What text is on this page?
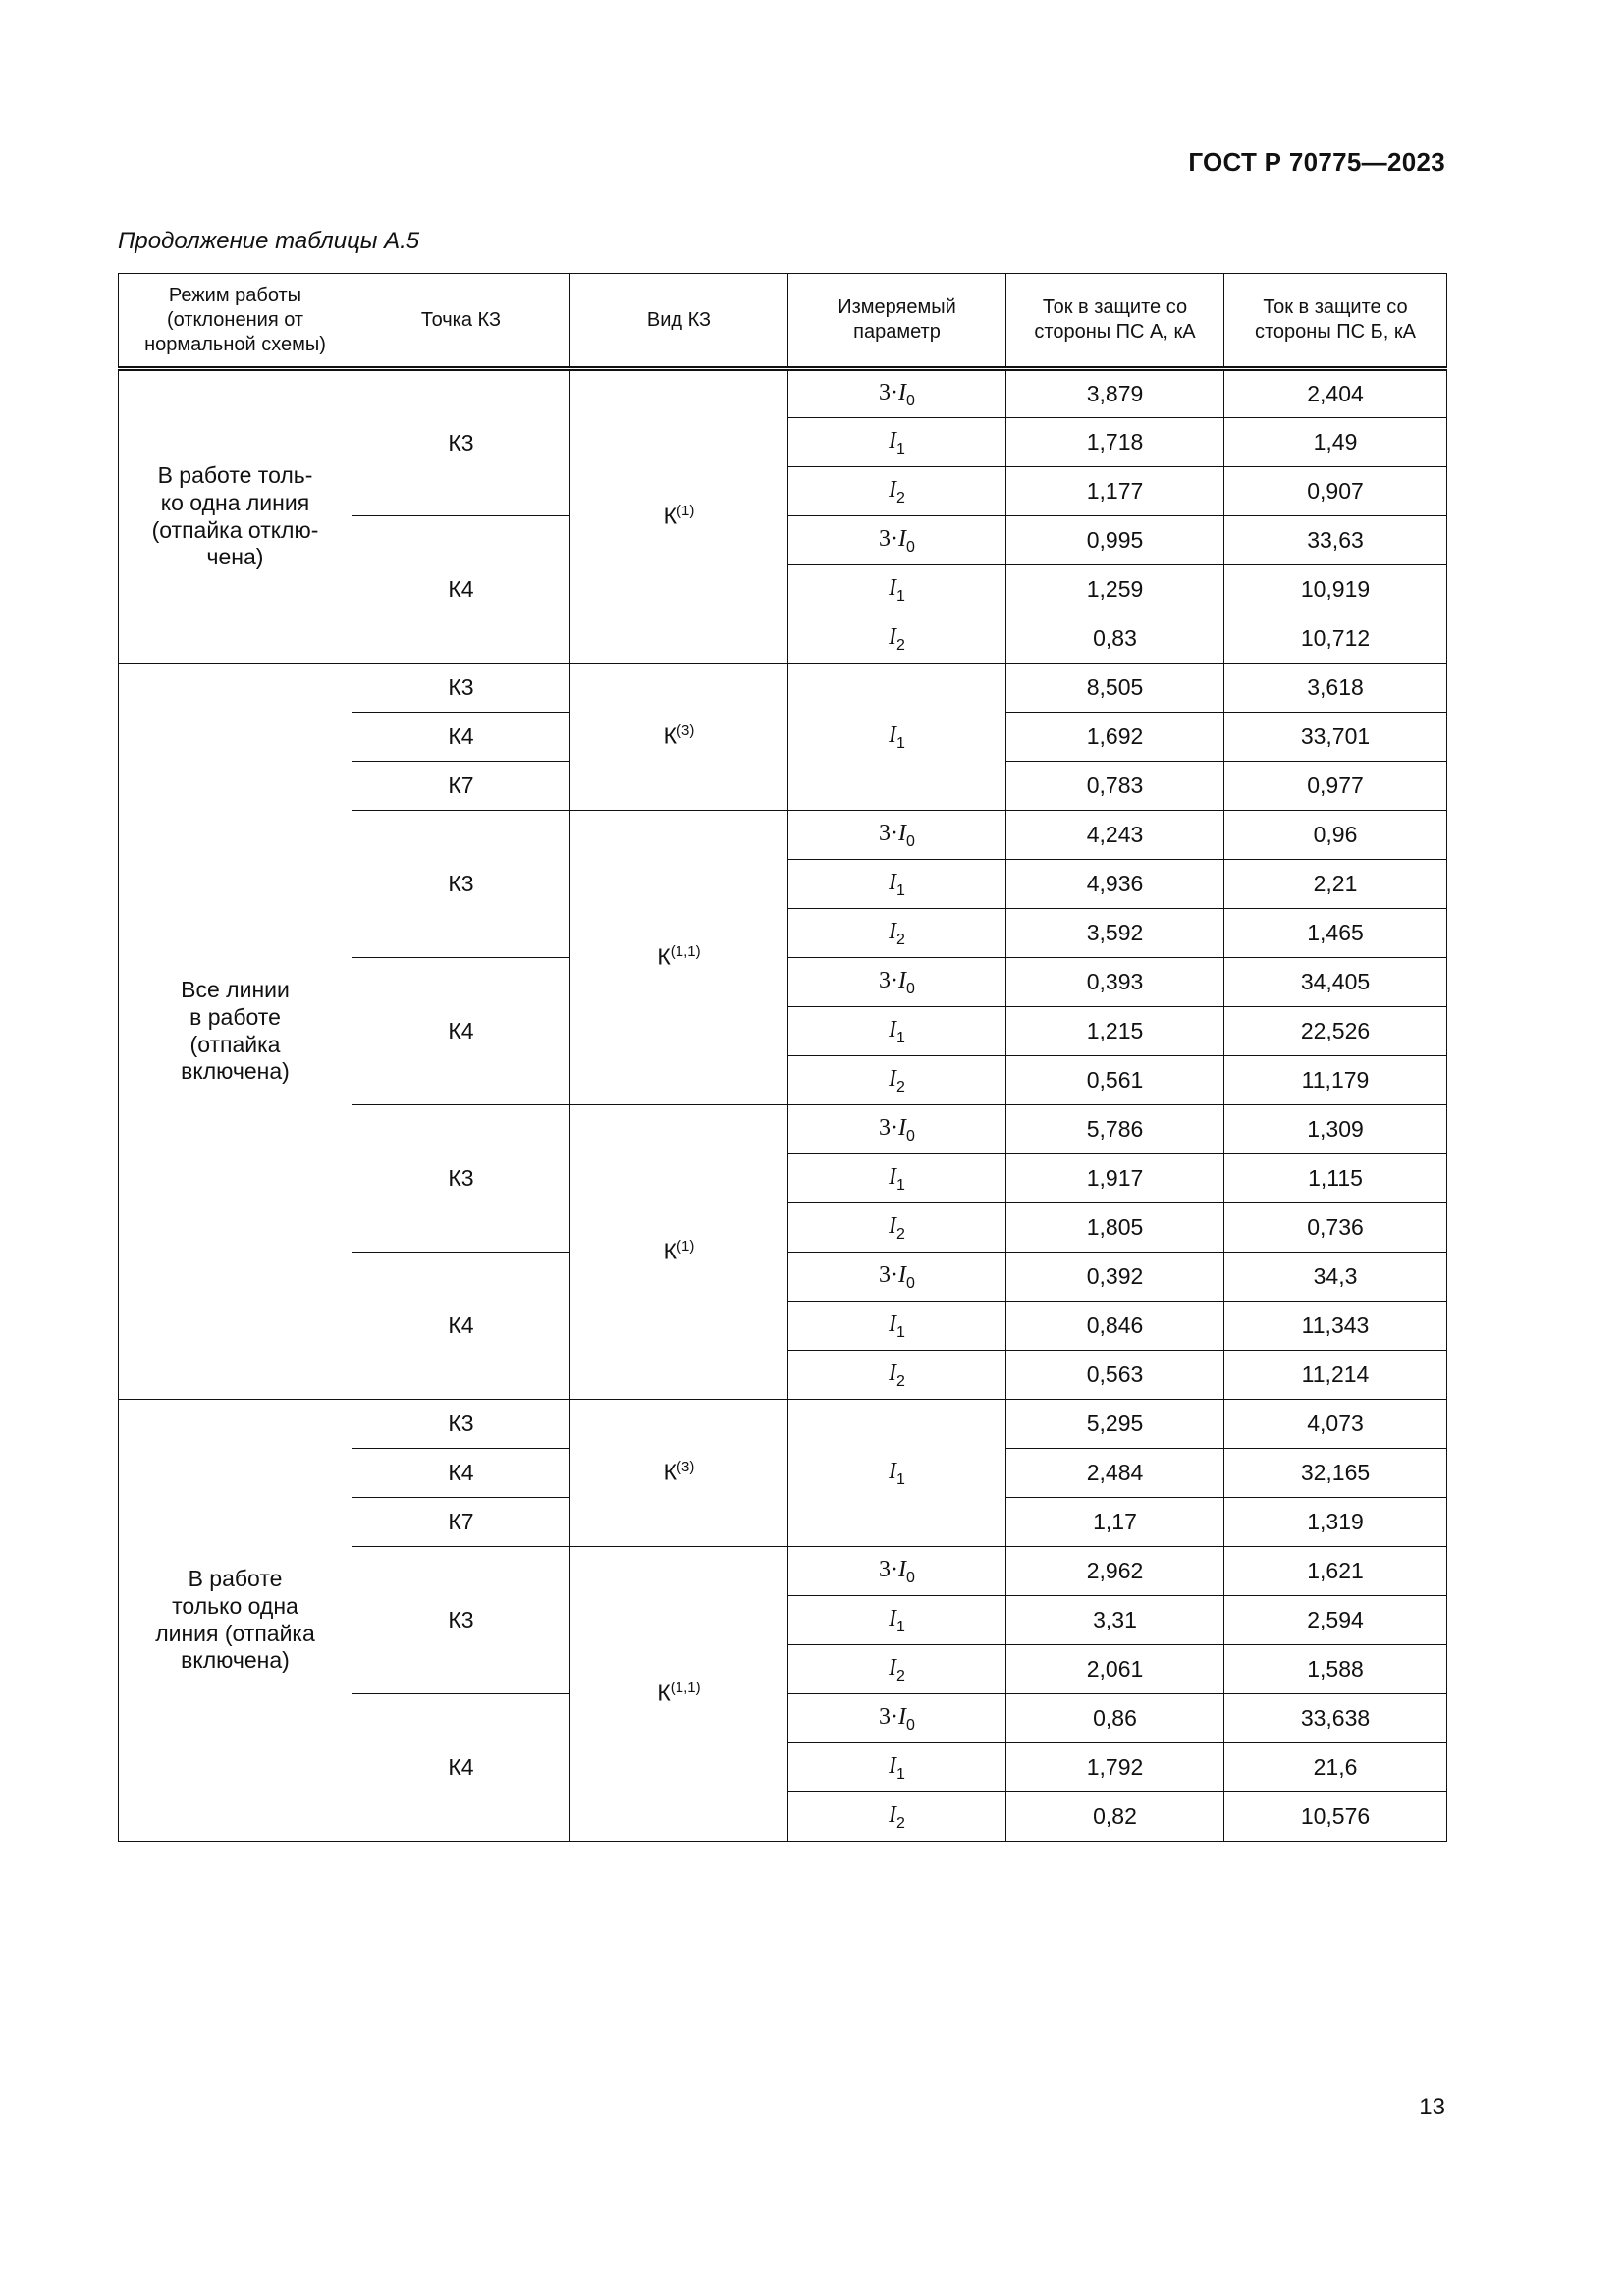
ГОСТ Р 70775—2023
Продолжение таблицы А.5
Режим работы (отклонения от нормальной схемы)	Точка КЗ	Вид КЗ	Измеряемый параметр	Ток в защите со стороны ПС А, кА	Ток в защите со стороны ПС Б, кА
В работе толь-
ко одна линия
(отпайка отклю-
чена)	К3	$К^{(1)}$	$3\cdot I_0$	3,879	2,404
			$I_1$	1,718	1,49
			$I_2$	1,177	0,907
	К4		$3\cdot I_0$	0,995	33,63
			$I_1$	1,259	10,919
			$I_2$	0,83	10,712
Все линии
в работе
(отпайка
включена)	К3	$К^{(3)}$	$I_1$	8,505	3,618
	К4			1,692	33,701
	К7			0,783	0,977
	К3	К$^{(1,1)}$	$3\cdot I_0$	4,243	0,96
			$I_1$	4,936	2,21
			$I_2$	3,592	1,465
	К4		$3\cdot I_0$	0,393	34,405
			$I_1$	1,215	22,526
			$I_2$	0,561	11,179
	К3	$К^{(1)}$	$3\cdot I_0$	5,786	1,309
			$I_1$	1,917	1,115
			$I_2$	1,805	0,736
	К4		$3\cdot I_0$	0,392	34,3
			$I_1$	0,846	11,343
			$I_2$	0,563	11,214
В работе
только одна
линия (отпайка
включена)	К3	$К^{(3)}$	$I_1$	5,295	4,073
	К4			2,484	32,165
	К7			1,17	1,319
	К3	К$^{(1,1)}$	$3\cdot I_0$	2,962	1,621
			$I_1$	3,31	2,594
			$I_2$	2,061	1,588
	К4		$3\cdot I_0$	0,86	33,638
			$I_1$	1,792	21,6
			$I_2$	0,82	10,576
13
